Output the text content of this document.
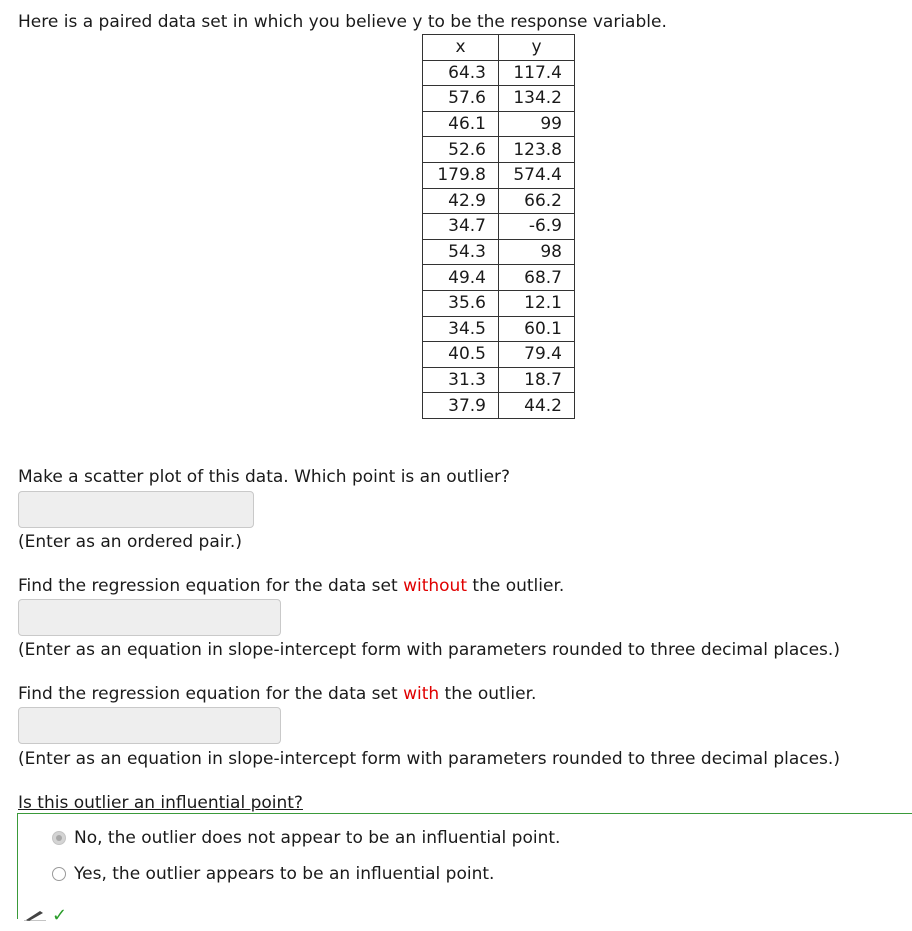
Here is a paired data set in which you believe y to be the response variable.

x	y
64.3	117.4
57.6	134.2
46.1	99
52.6	123.8
179.8	574.4
42.9	66.2
34.7	-6.9
54.3	98
49.4	68.7
35.6	12.1
34.5	60.1
40.5	79.4
31.3	18.7
37.9	44.2

Make a scatter plot of this data. Which point is an outlier?

(Enter as an ordered pair.)

Find the regression equation for the data set without the outlier.

(Enter as an equation in slope-intercept form with parameters rounded to three decimal places.)

Find the regression equation for the data set with the outlier.

(Enter as an equation in slope-intercept form with parameters rounded to three decimal places.)

Is this outlier an influential point?

No, the outlier does not appear to be an influential point.
Yes, the outlier appears to be an influential point.
✓
